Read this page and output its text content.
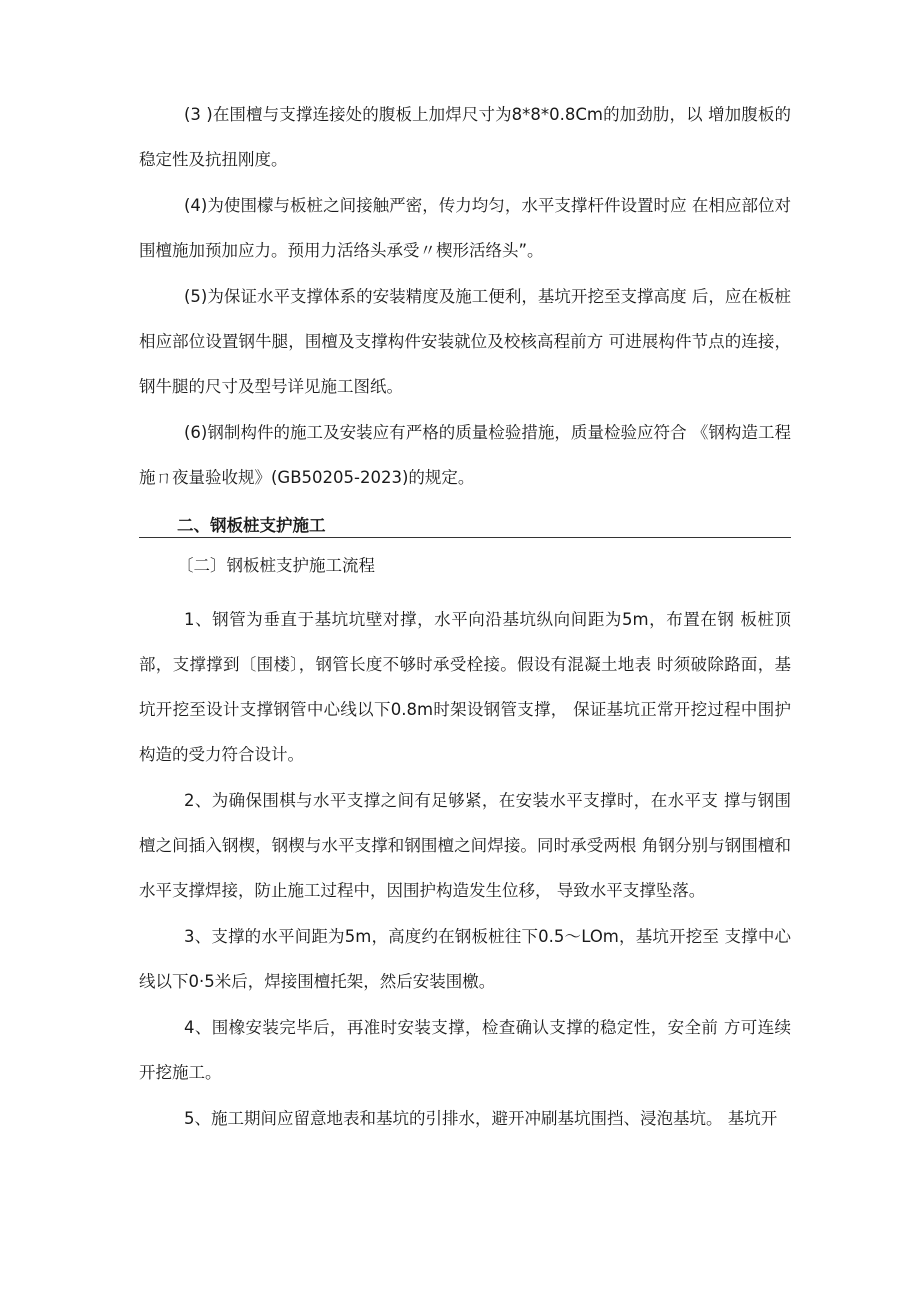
(3 )在围檀与支撑连接处的腹板上加焊尺寸为8*8*0.8Cm的加劲肋，以 增加腹板的稳定性及抗扭刚度。

(4)为使围檬与板桩之间接触严密，传力均匀，水平支撑杆件设置时应 在相应部位对围檀施加预加应力。预用力活络头承受〃楔形活络头”。

(5)为保证水平支撑体系的安装精度及施工便利，基坑开挖至支撑高度 后，应在板桩相应部位设置钢牛腿，围檀及支撑构件安装就位及校核高程前方 可进展构件节点的连接，钢牛腿的尺寸及型号详见施工图纸。

(6)钢制构件的施工及安装应有严格的质量检验措施，质量检验应符合 《钢构造工程施ㄇ夜量验收规》(GB50205-2023)的规定。

二、钢板桩支护施工

〔二〕钢板桩支护施工流程

1、钢管为垂直于基坑坑壁对撑，水平向沿基坑纵向间距为5m，布置在钢 板桩顶部，支撑撑到〔围楼〕，钢管长度不够时承受栓接。假设有混凝土地表 时须破除路面，基坑开挖至设计支撑钢管中心线以下0.8m时架设钢管支撑， 保证基坑正常开挖过程中围护构造的受力符合设计。

2、为确保围棋与水平支撑之间有足够紧，在安装水平支撑时，在水平支 撑与钢围檀之间插入钢楔，钢楔与水平支撑和钢围檀之间焊接。同时承受两根 角钢分别与钢围檀和水平支撑焊接，防止施工过程中，因围护构造发生位移， 导致水平支撑坠落。

3、支撑的水平间距为5m，高度约在钢板桩往下0.5～LOm，基坑开挖至 支撑中心线以下0·5米后，焊接围檀托架，然后安装围檄。

4、围橡安装完毕后，再准时安装支撑，检查确认支撑的稳定性，安全前 方可连续开挖施工。

5、施工期间应留意地表和基坑的引排水，避开冲刷基坑围挡、浸泡基坑。 基坑开
